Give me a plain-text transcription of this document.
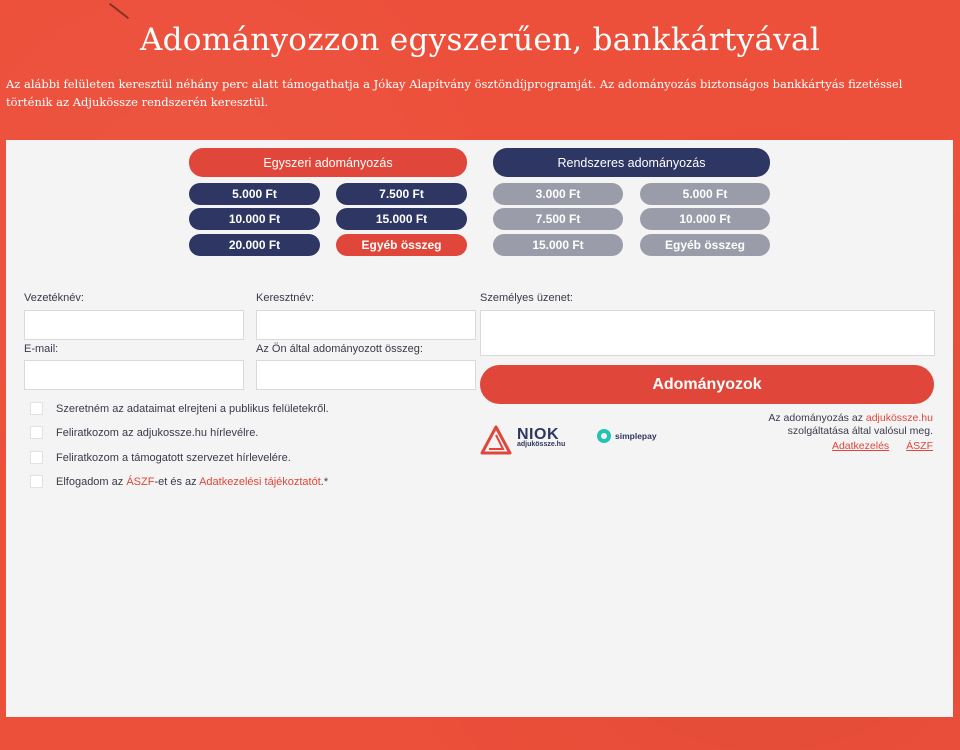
Adományozzon egyszerűen, bankkártyával

Az alábbi felületen keresztül néhány perc alatt támogathatja a Jókay Alapítvány ösztöndíjprogramját. Az adományozás biztonságos bankkártyás fizetéssel történik az Adjukössze rendszerén keresztül.

Egyszeri adományozás
5.000 Ft	7.500 Ft
10.000 Ft	15.000 Ft
20.000 Ft	Egyéb összeg
Rendszeres adományozás
3.000 Ft	5.000 Ft
7.500 Ft	10.000 Ft
15.000 Ft	Egyéb összeg
Vezetéknév:	Keresztnév:
E-mail:	Az Ön által adományozott összeg:
Személyes üzenet:
Szeretném az adataimat elrejteni a publikus felületekről.
Feliratkozom az adjukossze.hu hírlevélre.
Feliratkozom a támogatott szervezet hírlevelére.
Elfogadom az ÁSZF-et és az Adatkezelési tájékoztatót.*
Adományozok
NIOK
adjukössze.hu
simplepay
Az adományozás az adjukössze.hu
szolgáltatása által valósul meg.
Adatkezelés ÁSZF
